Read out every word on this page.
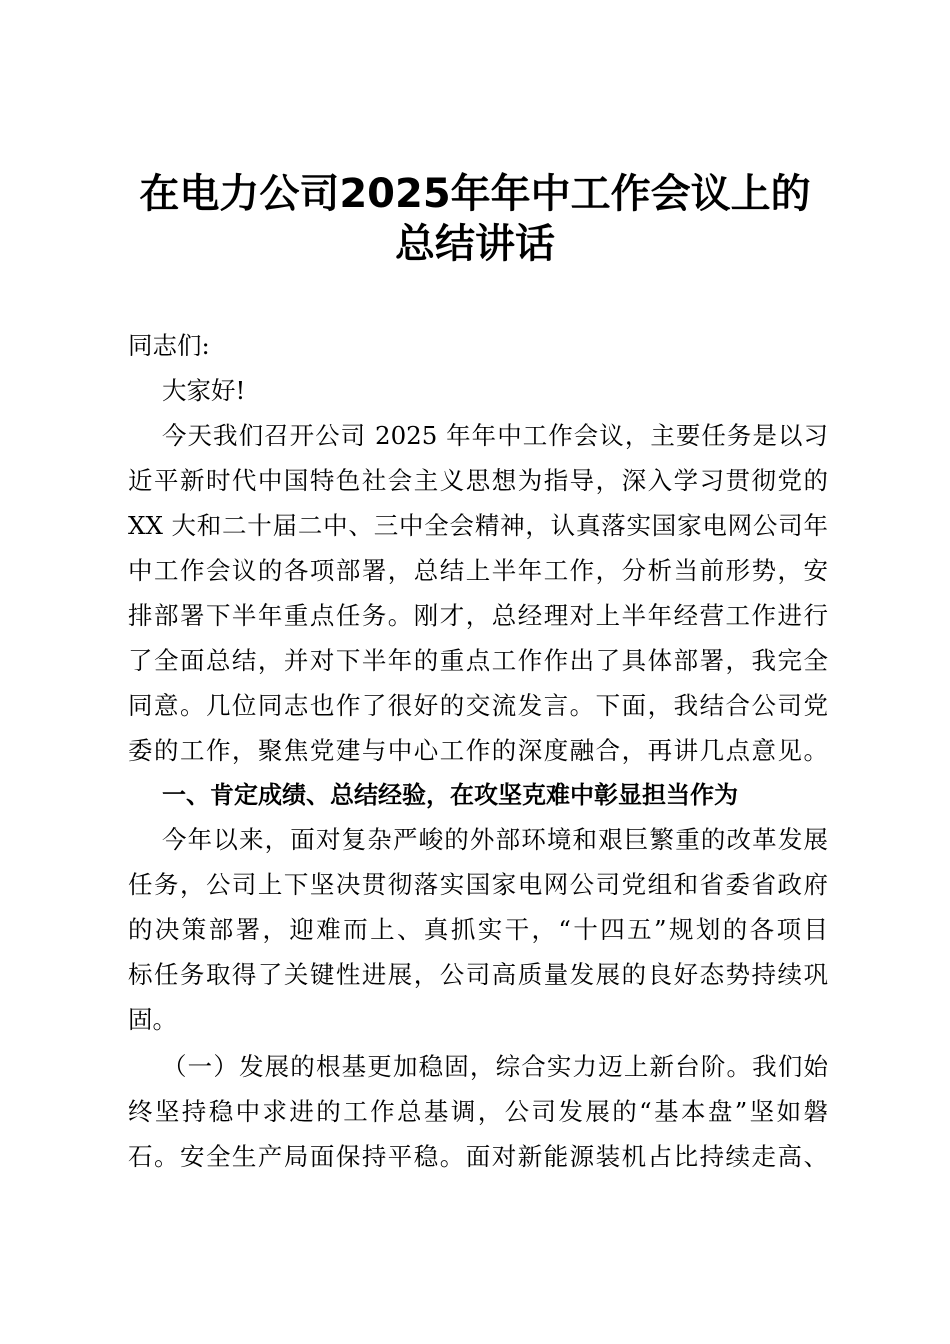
在电力公司2025年年中工作会议上的
总结讲话
同志们:
大家好!
今天我们召开公司 2025 年年中工作会议，主要任务是以习
近平新时代中国特色社会主义思想为指导，深入学习贯彻党的
XX 大和二十届二中、三中全会精神，认真落实国家电网公司年
中工作会议的各项部署，总结上半年工作，分析当前形势，安
排部署下半年重点任务。刚才，总经理对上半年经营工作进行
了全面总结，并对下半年的重点工作作出了具体部署，我完全
同意。几位同志也作了很好的交流发言。下面，我结合公司党
委的工作，聚焦党建与中心工作的深度融合，再讲几点意见。
一、肯定成绩、总结经验，在攻坚克难中彰显担当作为
今年以来，面对复杂严峻的外部环境和艰巨繁重的改革发展
任务，公司上下坚决贯彻落实国家电网公司党组和省委省政府
的决策部署，迎难而上、真抓实干，“十四五”规划的各项目
标任务取得了关键性进展，公司高质量发展的良好态势持续巩
固。
（一）发展的根基更加稳固，综合实力迈上新台阶。我们始
终坚持稳中求进的工作总基调，公司发展的“基本盘”坚如磐
石。安全生产局面保持平稳。面对新能源装机占比持续走高、
